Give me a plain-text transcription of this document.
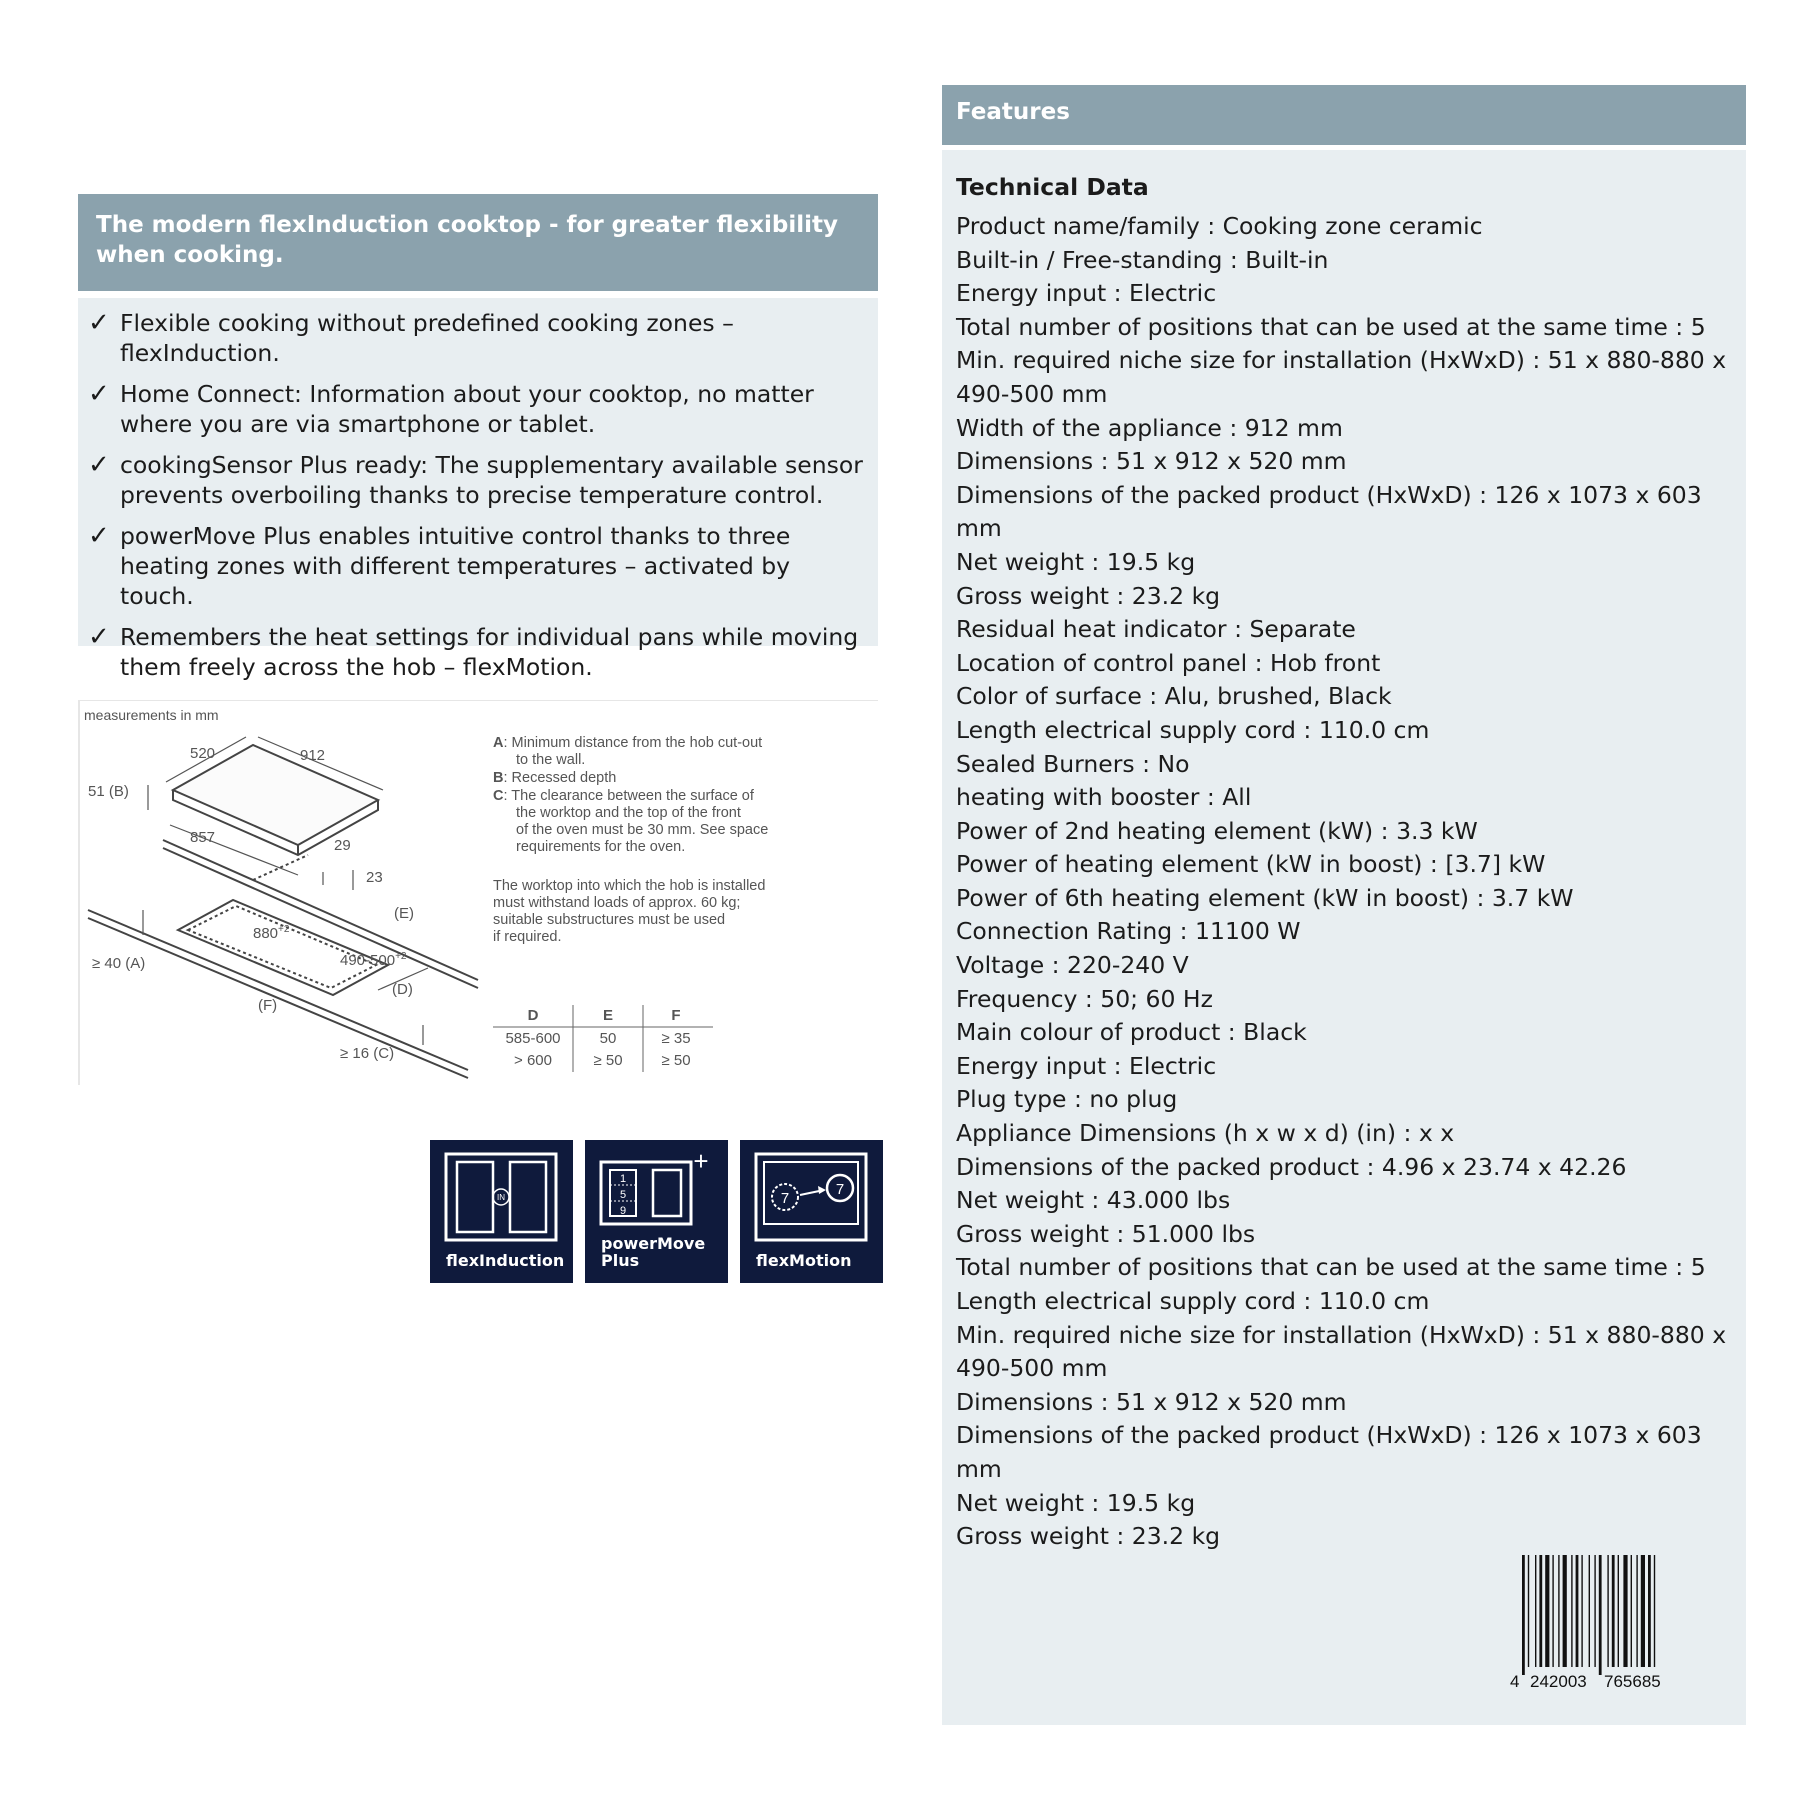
The modern flexInduction cooktop - for greater flexibility when cooking.
✓ Flexible cooking without predefined cooking zones – flexInduction.
✓ Home Connect: Information about your cooktop, no matter where you are via smartphone or tablet.
✓ cookingSensor Plus ready: The supplementary available sensor prevents overboiling thanks to precise temperature control.
✓ powerMove Plus enables intuitive control thanks to three heating zones with different temperatures – activated by touch.
✓ Remembers the heat settings for individual pans while moving them freely across the hob – flexMotion.
measurements in mm
520	912
51 (B)
857	29
23
(E)
$880^{+2}$
$490-500^{+2}$
≥ 40 (A)
(D)
(F)
≥ 16 (C)
A: Minimum distance from the hob cut-out
to the wall.
B: Recessed depth
C: The clearance between the surface of
the worktop and the top of the front
of the oven must be 30 mm. See space
requirements for the oven.
The worktop into which the hob is installed
must withstand loads of approx. 60 kg;
suitable substructures must be used
if required.
D	E	F
585-600	50	≥ 35
> 600	≥ 50	≥ 50
IN
flexInduction
1
5
9
+
powerMove
Plus
7
7
flexMotion
Features
Technical Data
Product name/family : Cooking zone ceramic
Built-in / Free-standing : Built-in
Energy input : Electric
Total number of positions that can be used at the same time : 5
Min. required niche size for installation (HxWxD) : 51 x 880-880 x 490-500 mm
Width of the appliance : 912 mm
Dimensions : 51 x 912 x 520 mm
Dimensions of the packed product (HxWxD) : 126 x 1073 x 603 mm
Net weight : 19.5 kg
Gross weight : 23.2 kg
Residual heat indicator : Separate
Location of control panel : Hob front
Color of surface : Alu, brushed, Black
Length electrical supply cord : 110.0 cm
Sealed Burners : No
heating with booster : All
Power of 2nd heating element (kW) : 3.3 kW
Power of heating element (kW in boost) : [3.7] kW
Power of 6th heating element (kW in boost) : 3.7 kW
Connection Rating : 11100 W
Voltage : 220-240 V
Frequency : 50; 60 Hz
Main colour of product : Black
Energy input : Electric
Plug type : no plug
Appliance Dimensions (h x w x d) (in) : x x
Dimensions of the packed product : 4.96 x 23.74 x 42.26
Net weight : 43.000 lbs
Gross weight : 51.000 lbs
Total number of positions that can be used at the same time : 5
Length electrical supply cord : 110.0 cm
Min. required niche size for installation (HxWxD) : 51 x 880-880 x 490-500 mm
Dimensions : 51 x 912 x 520 mm
Dimensions of the packed product (HxWxD) : 126 x 1073 x 603 mm
Net weight : 19.5 kg
Gross weight : 23.2 kg
4 242003 765685
